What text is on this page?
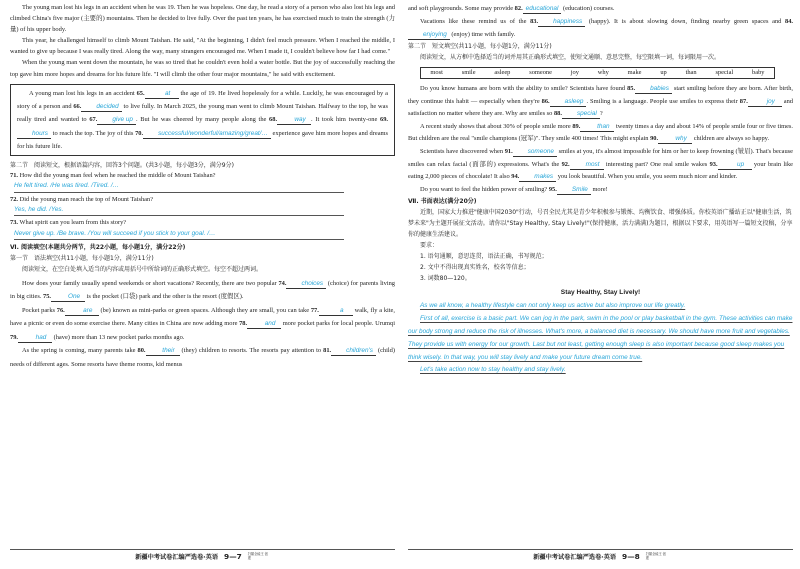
The young man lost his legs in an accident when he was 19. Then he was hopeless. One day, he read a story of a person who also lost his legs and climbed China's five major (主要的) mountains. Then he decided to live fully. Over the past ten years, he has exercised much to train the strength (力量) of his upper body.

This year, he challenged himself to climb Mount Taishan. He said, "At the beginning, I didn't feel much pressure. When I reached the middle, I wanted to give up because I was really tired. Along the way, many strangers encouraged me. When I made it, I couldn't believe how far I had come."

When the young man went down the mountain, he was so tired that he couldn't even hold a water bottle. But the joy of successfully reaching the top gave him more hopes and dreams for his future life. "I will climb the other four major mountains," he said with excitement.

A young man lost his legs in an accident 65.	at the age of 19. He lived hopelessly for a while. Luckily, he was encouraged by a story of a person and 66. decided to live fully. In March 2025, the young man went to climb Mount Taishan. Halfway to the top, he was really tired and wanted to 67. give up . But he was cheered by many people along the 68.	way . It took him twenty-one 69.hours to reach the top. The joy of this 70. successful/wonderful/amazing/great/… experience gave him more hopes and dreams for his future life.

第二节　阅读短文，根据语篇内容，回答3个问题。(共3小题，每小题3分，满分9分)

71. How did the young man feel when he reached the middle of Mount Taishan?

He felt tired. /He was tired. /Tired. /…

72. Did the young man reach the top of Mount Taishan?

Yes, he did. /Yes.

73. What spirit can you learn from this story?

Never give up. /Be brave. /You will succeed if you stick to your goal. /…

Ⅵ. 阅读填空(本题共分两节，共22小题，每小题1分，满分22分)

第一节　语法填空(共11小题，每小题1分，满分11分)

阅读短文，在空白处填入适当的内容或用括号中所给词的正确形式填空。每空不超过两词。

How does your family usually spend weekends or short vacations? Recently, there are two popular 74. choices (choice) for parents living in big cities. 75.	One is the pocket (口袋) park and the other is the resort (度假区).

Pocket parks 76.	are (be) known as mini-parks or green spaces. Although they are small, you can take 77.	a walk, fly a kite, have a picnic or even do some exercise there. Many cities in China are now adding more 78.	and more pocket parks for local people. Urumqi 79.	had (have) more than 13 new pocket parks months ago.

As the spring is coming, many parents take 80.	their (they) children to resorts. The resorts pay attention to 81. children's (child) needs of different ages. Some resorts have theme rooms, kid menus

新疆中考试卷汇编严选卷·英语 9—7 扫描全能王 创建

and soft playgrounds. Some may provide 82. educational (education) courses.

Vacations like these remind us of the 83. happiness (happy). It is about slowing down, finding nearby green spaces and 84.enjoying (enjoy) time with family.

第二节　短文填空(共11小题，每小题1分，满分11分)

阅读短文，从方框中选择适当的词并用其正确形式填空，使短文通顺、意思完整，每空限填一词，每词限用一次。

most	smile	asleep	someone	joy	why	make	up	than	special	baby

Do you know humans are born with the ability to smile? Scientists have found 85. babies start smiling before they are born. After birth, they continue this habit — especially when they're 86. asleep . Smiling is a language. People use smiles to express their 87.	joy and satisfaction no matter where they are. Why are smiles so 88. special ?

A recent study shows that about 30% of people smile more 89.	than twenty times a day and about 14% of people smile four or five times. But children are the real "smile champions (冠军)". They smile 400 times! This might explain 90.	why children are always so happy.

Scientists have discovered when 91. someone smiles at you, it's almost impossible for him or her to keep frowning (皱眉). That's because smiles can relax facial (面部的) expressions. What's the 92.	most interesting part? One real smile wakes 93.	up your brain like eating 2,000 pieces of chocolate! It also 94. makes you look beautiful. When you smile, you seem much nicer and kinder.

Do you want to feel the hidden power of smiling? 95. Smile more!

Ⅶ. 书面表达(满分20分)

近期，国家大力推进"健康中国2030"行动，号召全民尤其是青少年积极参与锻炼、均衡饮食、增强体质。你校英语广播站正以"健康生活，筑梦未来"为主题开展征文活动。请你以"Stay Healthy, Stay Lively!"(保持健康，活力满满)为题目，根据以下要求，用英语写一篇短文投稿，分享你的健康生活建议。

要求：

1. 语句通顺，意思连贯，语法正确，书写规范；

2. 文中不得出现真实姓名，校名等信息；

3. 词数80—120。

Stay Healthy, Stay Lively!

As we all know, a healthy lifestyle can not only keep us active but also improve our life greatly.

First of all, exercise is a basic part. We can jog in the park, swim in the pool or play basketball in the gym. These activities can make our body strong and reduce the risk of illnesses. What's more, a balanced diet is necessary. We should have more fruit and vegetables. They provide us with energy for our growth. Last but not least, getting enough sleep is also important because good sleep makes you think wisely. In that way, you will stay lively and make your future dream come true.

Let's take action now to stay healthy and stay lively.

新疆中考试卷汇编严选卷·英语 9—8 扫描全能王 创建
